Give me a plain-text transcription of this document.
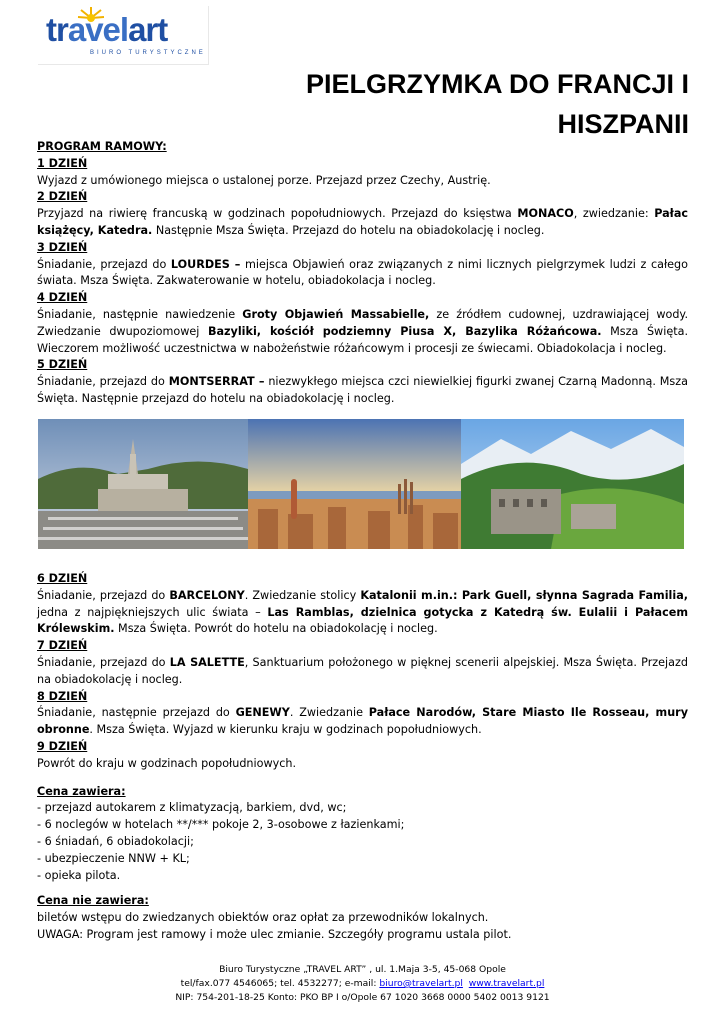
travelart
BIURO TURYSTYCZNE
PIELGRZYMKA DO FRANCJI I
HISZPANII
PROGRAM RAMOWY:
1 DZIEŃ

Wyjazd z umówionego miejsca o ustalonej porze. Przejazd przez Czechy, Austrię.

2 DZIEŃ

Przyjazd na riwierę francuską w godzinach popołudniowych. Przejazd do księstwa MONACO, zwiedzanie: Pałac książęcy, Katedra. Następnie Msza Święta. Przejazd do hotelu na obiadokolację i nocleg.

3 DZIEŃ

Śniadanie, przejazd do LOURDES – miejsca Objawień oraz związanych z nimi licznych pielgrzymek ludzi z całego świata. Msza Święta. Zakwaterowanie w hotelu, obiadokolacja i nocleg.

4 DZIEŃ

Śniadanie, następnie nawiedzenie Groty Objawień Massabielle, ze źródłem cudownej, uzdrawiającej wody. Zwiedzanie dwupoziomowej Bazyliki, kościół podziemny Piusa X, Bazylika Różańcowa. Msza Święta. Wieczorem możliwość uczestnictwa w nabożeństwie różańcowym i procesji ze świecami. Obiadokolacja i nocleg.

5 DZIEŃ

Śniadanie, przejazd do MONTSERRAT – niezwykłego miejsca czci niewielkiej figurki zwanej Czarną Madonną. Msza Święta. Następnie przejazd do hotelu na obiadokolację i nocleg.

6 DZIEŃ

Śniadanie, przejazd do BARCELONY. Zwiedzanie stolicy Katalonii m.in.: Park Guell, słynna Sagrada Familia, jedna z najpiękniejszych ulic świata – Las Ramblas, dzielnica gotycka z Katedrą św. Eulalii i Pałacem Królewskim. Msza Święta. Powrót do hotelu na obiadokolację i nocleg.

7 DZIEŃ

Śniadanie, przejazd do LA SALETTE, Sanktuarium położonego w pięknej scenerii alpejskiej. Msza Święta. Przejazd na obiadokolację i nocleg.

8 DZIEŃ

Śniadanie, następnie przejazd do GENEWY. Zwiedzanie Pałace Narodów, Stare Miasto Ile Rosseau, mury obronne. Msza Święta. Wyjazd w kierunku kraju w godzinach popołudniowych.

9 DZIEŃ

Powrót do kraju w godzinach popołudniowych.

Cena zawiera:
- przejazd autokarem z klimatyzacją, barkiem, dvd, wc;
- 6 noclegów w hotelach **/*** pokoje 2, 3-osobowe z łazienkami;
- 6 śniadań, 6 obiadokolacji;
- ubezpieczenie NNW + KL;
- opieka pilota.
Cena nie zawiera:
biletów wstępu do zwiedzanych obiektów oraz opłat za przewodników lokalnych.
UWAGA: Program jest ramowy i może ulec zmianie. Szczegóły programu ustala pilot.
Biuro Turystyczne „TRAVEL ART” , ul. 1.Maja 3-5, 45-068 Opole
tel/fax.077 4546065; tel. 4532277; e-mail: biuro@travelart.pl www.travelart.pl
NIP: 754-201-18-25 Konto: PKO BP I o/Opole 67 1020 3668 0000 5402 0013 9121
